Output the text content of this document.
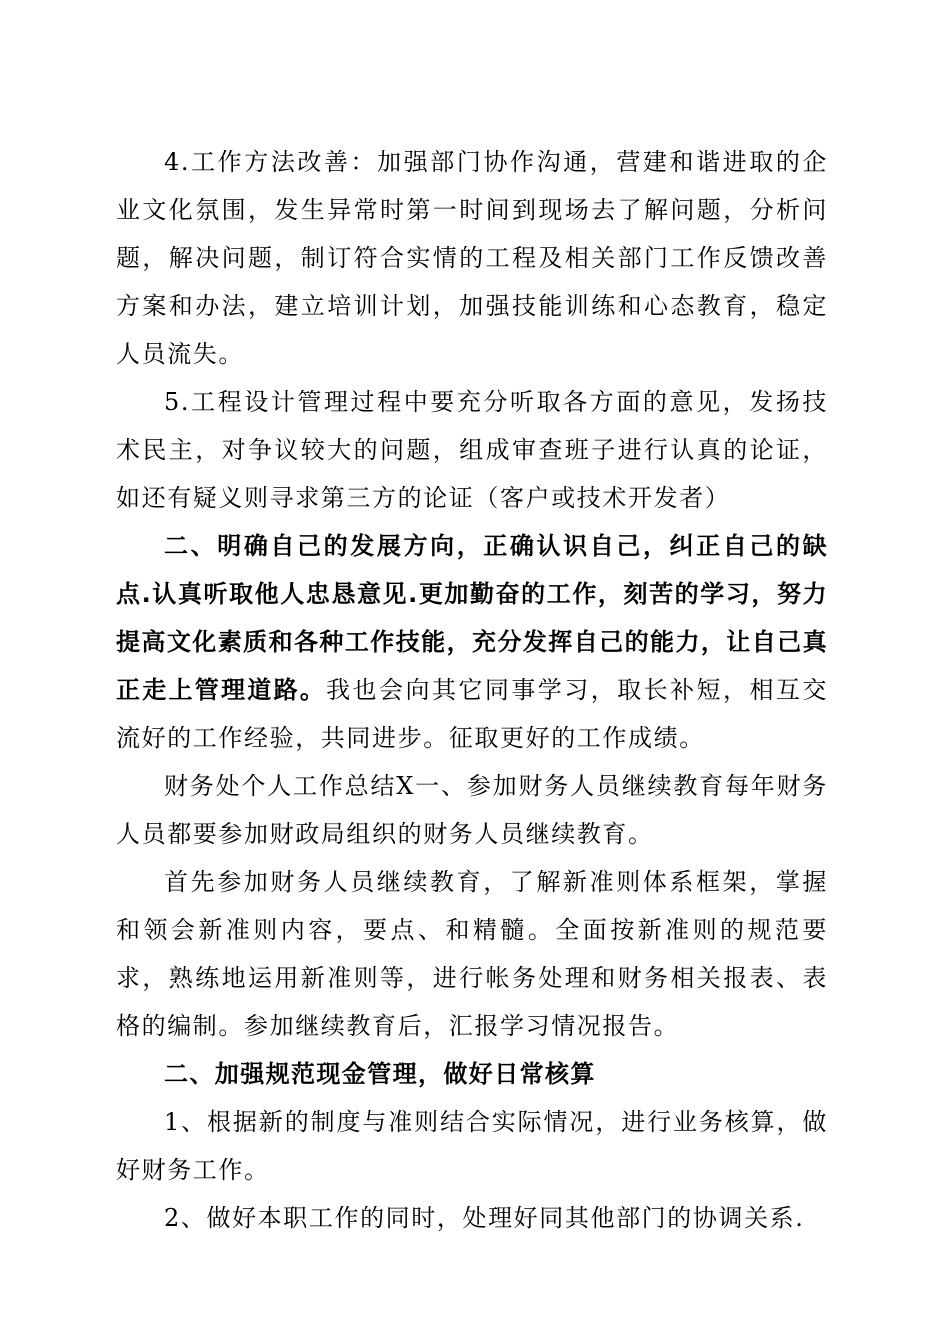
4.工作方法改善：加强部门协作沟通，营建和谐进取的企业文化氛围，发生异常时第一时间到现场去了解问题，分析问题，解决问题，制订符合实情的工程及相关部门工作反馈改善方案和办法，建立培训计划，加强技能训练和心态教育，稳定人员流失。

5.工程设计管理过程中要充分听取各方面的意见，发扬技术民主，对争议较大的问题，组成审查班子进行认真的论证，如还有疑义则寻求第三方的论证（客户或技术开发者）

二、明确自己的发展方向，正确认识自己，纠正自己的缺点.认真听取他人忠恳意见.更加勤奋的工作，刻苦的学习，努力提高文化素质和各种工作技能，充分发挥自己的能力，让自己真正走上管理道路。我也会向其它同事学习，取长补短，相互交流好的工作经验，共同进步。征取更好的工作成绩。

财务处个人工作总结X一、参加财务人员继续教育每年财务人员都要参加财政局组织的财务人员继续教育。

首先参加财务人员继续教育，了解新准则体系框架，掌握和领会新准则内容，要点、和精髓。全面按新准则的规范要求，熟练地运用新准则等，进行帐务处理和财务相关报表、表格的编制。参加继续教育后，汇报学习情况报告。

二、加强规范现金管理，做好日常核算

1、根据新的制度与准则结合实际情况，进行业务核算，做好财务工作。

2、做好本职工作的同时，处理好同其他部门的协调关系.
